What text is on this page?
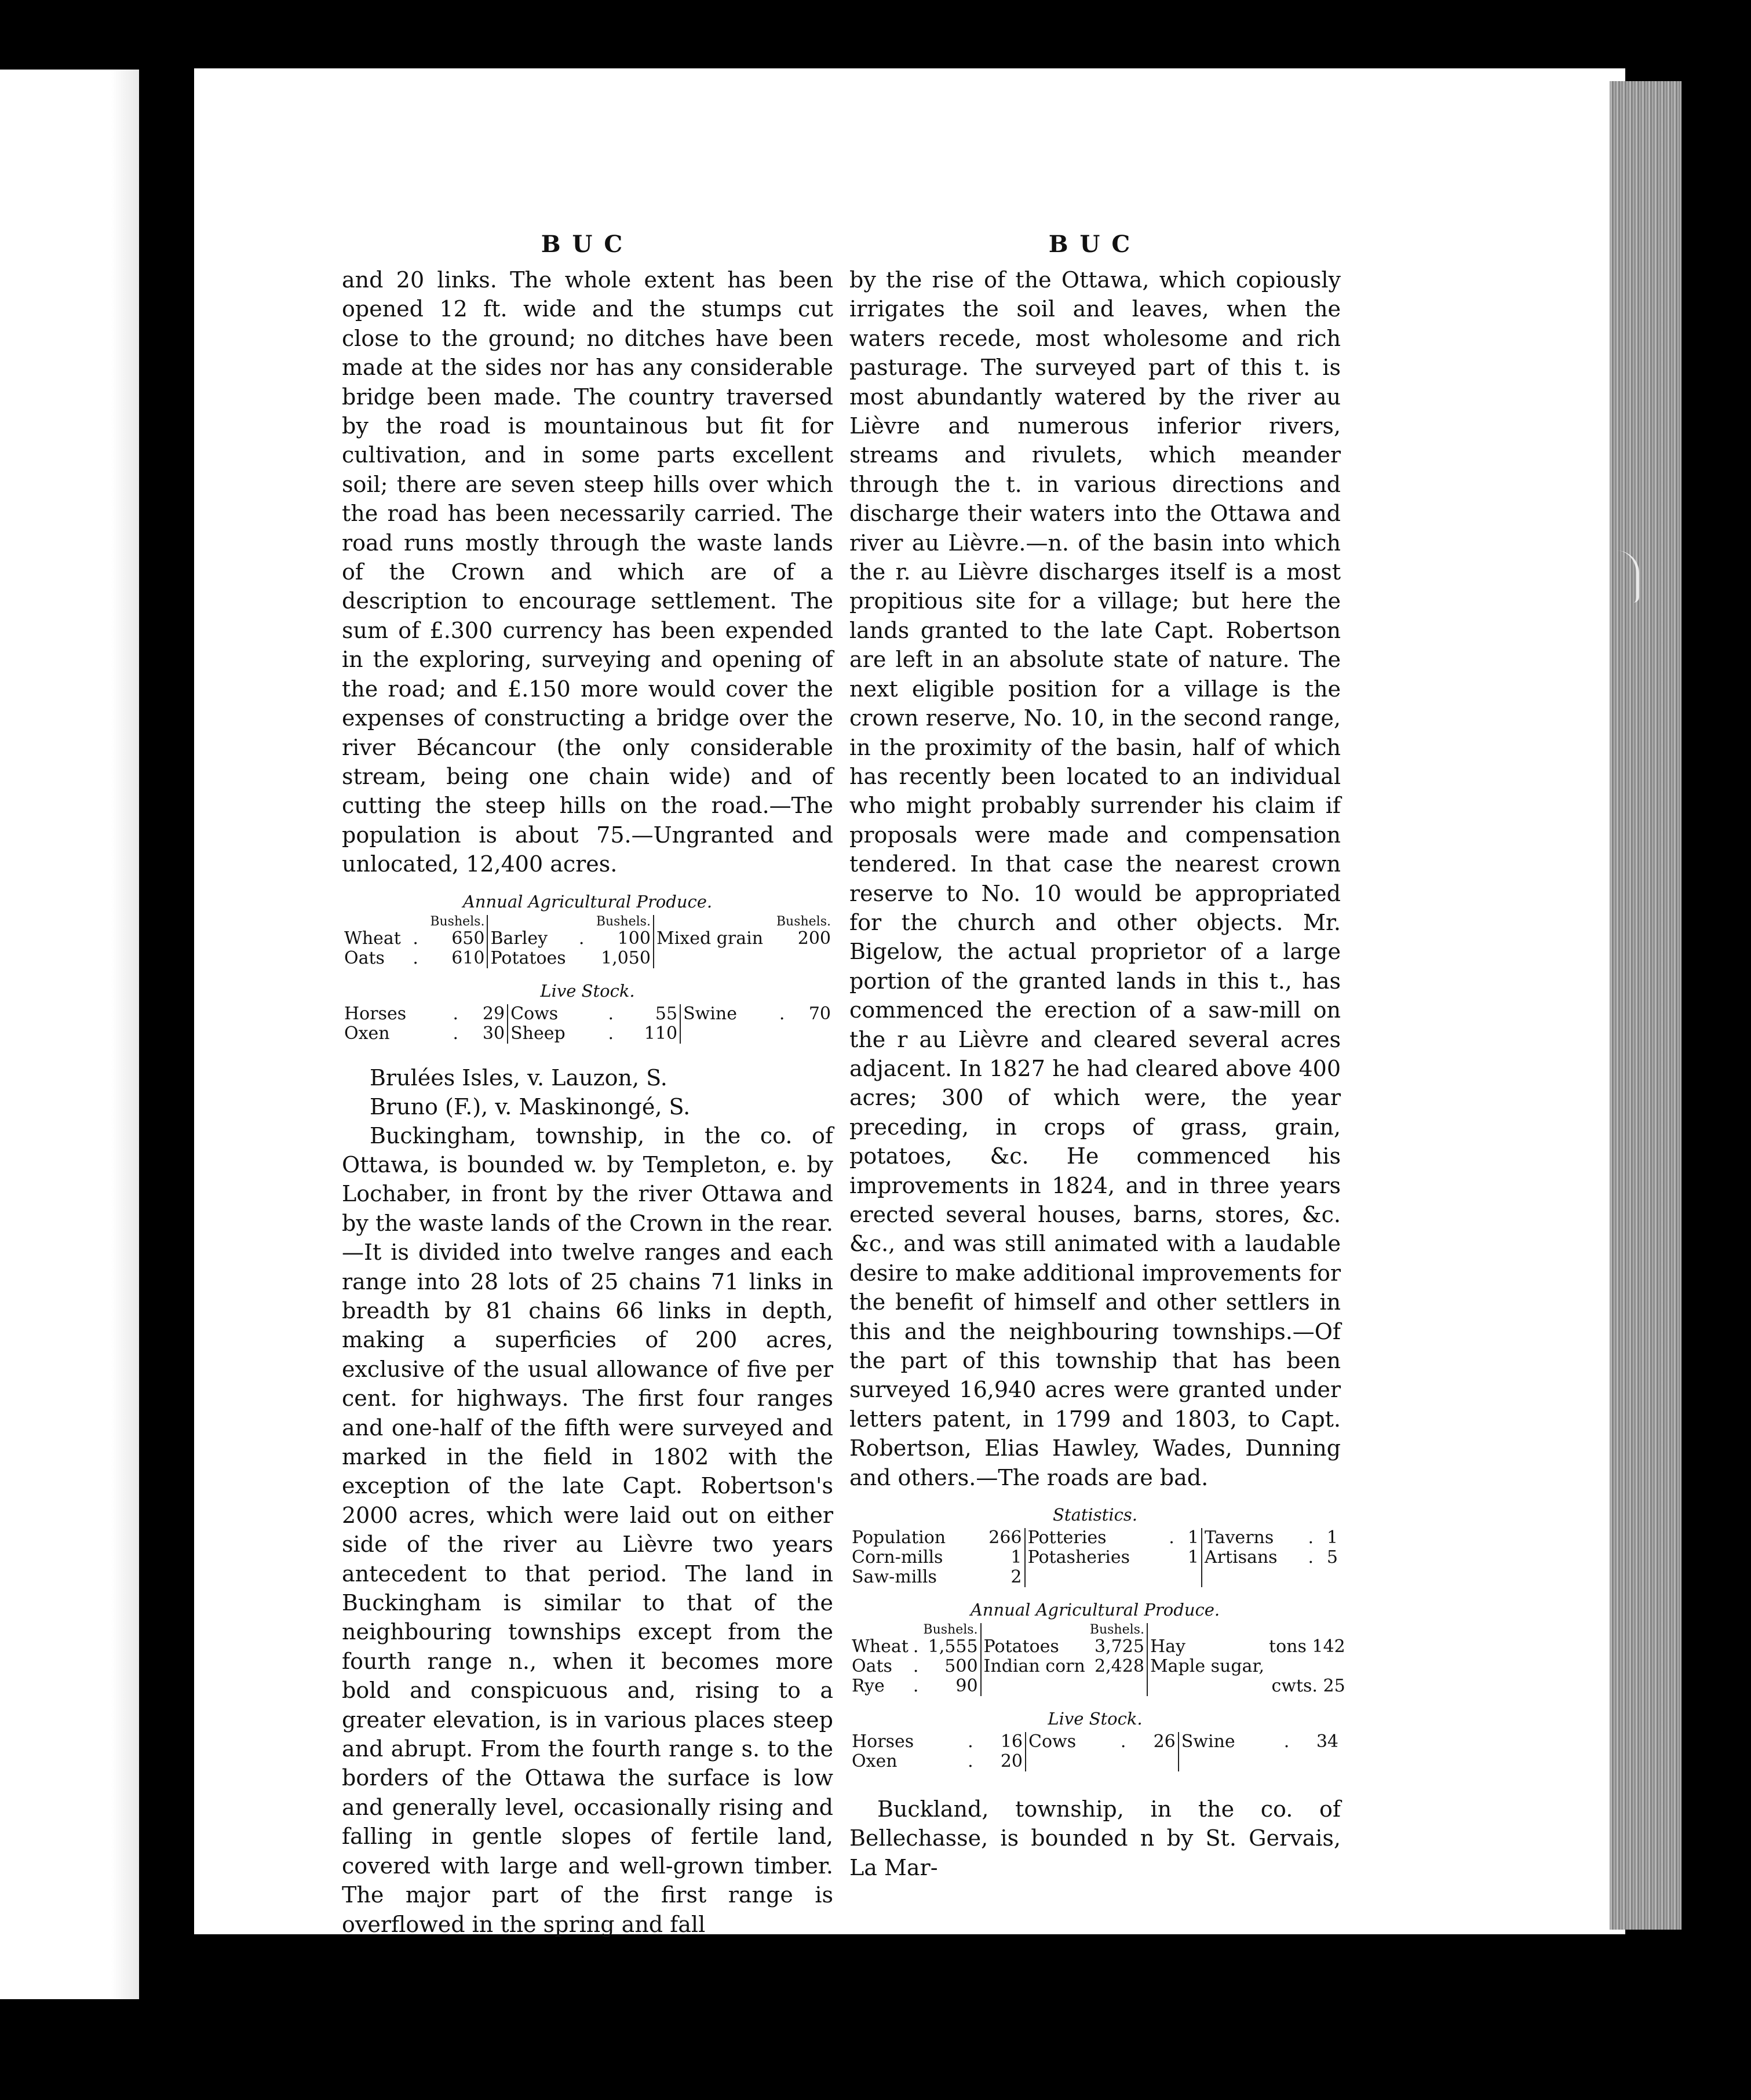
BUC

and 20 links. The whole extent has been opened 12 ft. wide and the stumps cut close to the ground; no ditches have been made at the sides nor has any considerable bridge been made. The country traversed by the road is mountainous but fit for cultivation, and in some parts excellent soil; there are seven steep hills over which the road has been necessarily carried. The road runs mostly through the waste lands of the Crown and which are of a description to encourage settlement. The sum of £.300 currency has been expended in the exploring, surveying and opening of the road; and £.150 more would cover the expenses of constructing a bridge over the river Bécancour (the only considerable stream, being one chain wide) and of cutting the steep hills on the road.—The population is about 75.—Ungranted and unlocated, 12,400 acres.

Annual Agricultural Produce.
		Bushels.			Bushels.		Bushels.
Wheat	.	650	Barley	.	100	Mixed grain	200
Oats	.	610	Potatoes		1,050		
Live Stock.
Horses	.	29	Cows	.	55	Swine	.	70
Oxen	.	30	Sheep	.	110			

Brulées Isles, v. Lauzon, S.

Bruno (F.), v. Maskinongé, S.

Buckingham, township, in the co. of Ottawa, is bounded w. by Templeton, e. by Lochaber, in front by the river Ottawa and by the waste lands of the Crown in the rear.—It is divided into twelve ranges and each range into 28 lots of 25 chains 71 links in breadth by 81 chains 66 links in depth, making a superficies of 200 acres, exclusive of the usual allowance of five per cent. for highways. The first four ranges and one-half of the fifth were surveyed and marked in the field in 1802 with the exception of the late Capt. Robertson's 2000 acres, which were laid out on either side of the river au Lièvre two years antecedent to that period. The land in Buckingham is similar to that of the neighbouring townships except from the fourth range n., when it becomes more bold and conspicuous and, rising to a greater elevation, is in various places steep and abrupt. From the fourth range s. to the borders of the Ottawa the surface is low and generally level, occasionally rising and falling in gentle slopes of fertile land, covered with large and well-grown timber. The major part of the first range is overflowed in the spring and fall

BUC

by the rise of the Ottawa, which copiously irrigates the soil and leaves, when the waters recede, most wholesome and rich pasturage. The surveyed part of this t. is most abundantly watered by the river au Lièvre and numerous inferior rivers, streams and rivulets, which meander through the t. in various directions and discharge their waters into the Ottawa and river au Lièvre.—n. of the basin into which the r. au Lièvre discharges itself is a most propitious site for a village; but here the lands granted to the late Capt. Robertson are left in an absolute state of nature. The next eligible position for a village is the crown reserve, No. 10, in the second range, in the proximity of the basin, half of which has recently been located to an individual who might probably surrender his claim if proposals were made and compensation tendered. In that case the nearest crown reserve to No. 10 would be appropriated for the church and other objects. Mr. Bigelow, the actual proprietor of a large portion of the granted lands in this t., has commenced the erection of a saw-mill on the r au Lièvre and cleared several acres adjacent. In 1827 he had cleared above 400 acres; 300 of which were, the year preceding, in crops of grass, grain, potatoes, &c. He commenced his improvements in 1824, and in three years erected several houses, barns, stores, &c. &c., and was still animated with a laudable desire to make additional improvements for the benefit of himself and other settlers in this and the neighbouring townships.—Of the part of this township that has been surveyed 16,940 acres were granted under letters patent, in 1799 and 1803, to Capt. Robertson, Elias Hawley, Wades, Dunning and others.—The roads are bad.

Statistics.
Population	266	Potteries	.	1	Taverns	.	1
Corn-mills	1	Potasheries		1	Artisans	.	5
Saw-mills	2						
Annual Agricultural Produce.
		Bushels.		Bushels.		
Wheat	.	1,555	Potatoes	3,725	Hay	tons 142
Oats	.	500	Indian corn	2,428	Maple sugar,	
Rye	.	90				cwts. 25
Live Stock.
Horses	.	16	Cows	.	26	Swine	.	34
Oxen	.	20						

Buckland, township, in the co. of Bellechasse, is bounded n by St. Gervais, La Mar-
